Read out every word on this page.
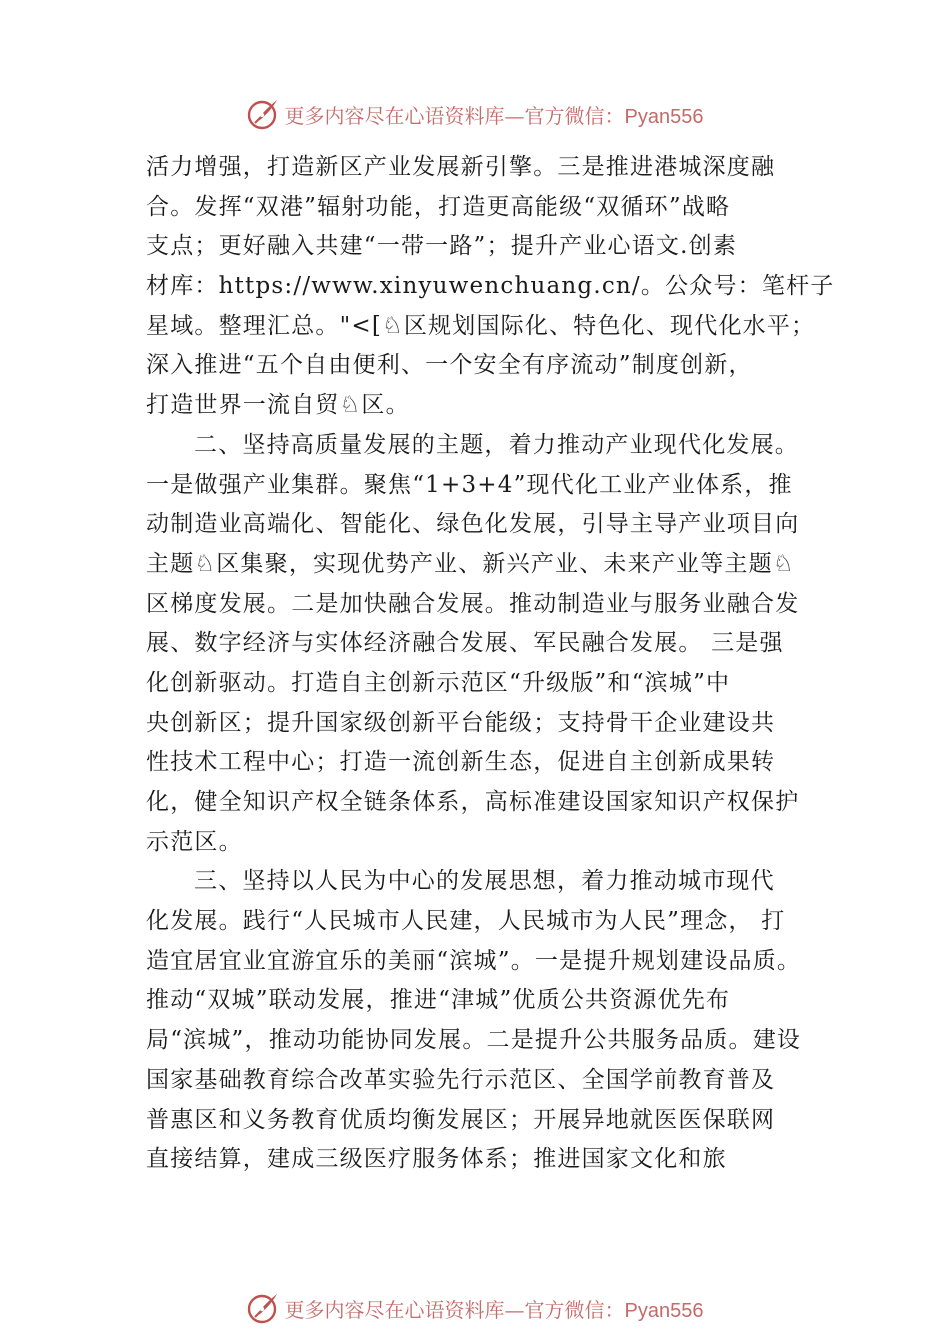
更多内容尽在心语资料库—官方微信：Pyan556
活力增强，打造新区产业发展新引擎。三是推进港城深度融
合。发挥“双港”辐射功能，打造更高能级“双循环”战略
支点；更好融入共建“一带一路”；提升产业心语文.创素
材库：https://www.xinyuwenchuang.cn/。公众号：笔杆子
星域。整理汇总。"<[♘区规划国际化、特色化、现代化水平；
深入推进“五个自由便利、一个安全有序流动”制度创新，
打造世界一流自贸♘区。
二、坚持高质量发展的主题，着力推动产业现代化发展。
一是做强产业集群。聚焦“1+3+4”现代化工业产业体系，推
动制造业高端化、智能化、绿色化发展，引导主导产业项目向
主题♘区集聚，实现优势产业、新兴产业、未来产业等主题♘
区梯度发展。二是加快融合发展。推动制造业与服务业融合发
展、数字经济与实体经济融合发展、军民融合发展。 三是强
化创新驱动。打造自主创新示范区“升级版”和“滨城”中
央创新区；提升国家级创新平台能级；支持骨干企业建设共
性技术工程中心；打造一流创新生态，促进自主创新成果转
化，健全知识产权全链条体系，高标准建设国家知识产权保护
示范区。
三、坚持以人民为中心的发展思想，着力推动城市现代
化发展。践行“人民城市人民建，人民城市为人民”理念， 打
造宜居宜业宜游宜乐的美丽“滨城”。一是提升规划建设品质。
推动“双城”联动发展，推进“津城”优质公共资源优先布
局“滨城”，推动功能协同发展。二是提升公共服务品质。建设
国家基础教育综合改革实验先行示范区、全国学前教育普及
普惠区和义务教育优质均衡发展区；开展异地就医医保联网
直接结算，建成三级医疗服务体系；推进国家文化和旅
更多内容尽在心语资料库—官方微信：Pyan556
